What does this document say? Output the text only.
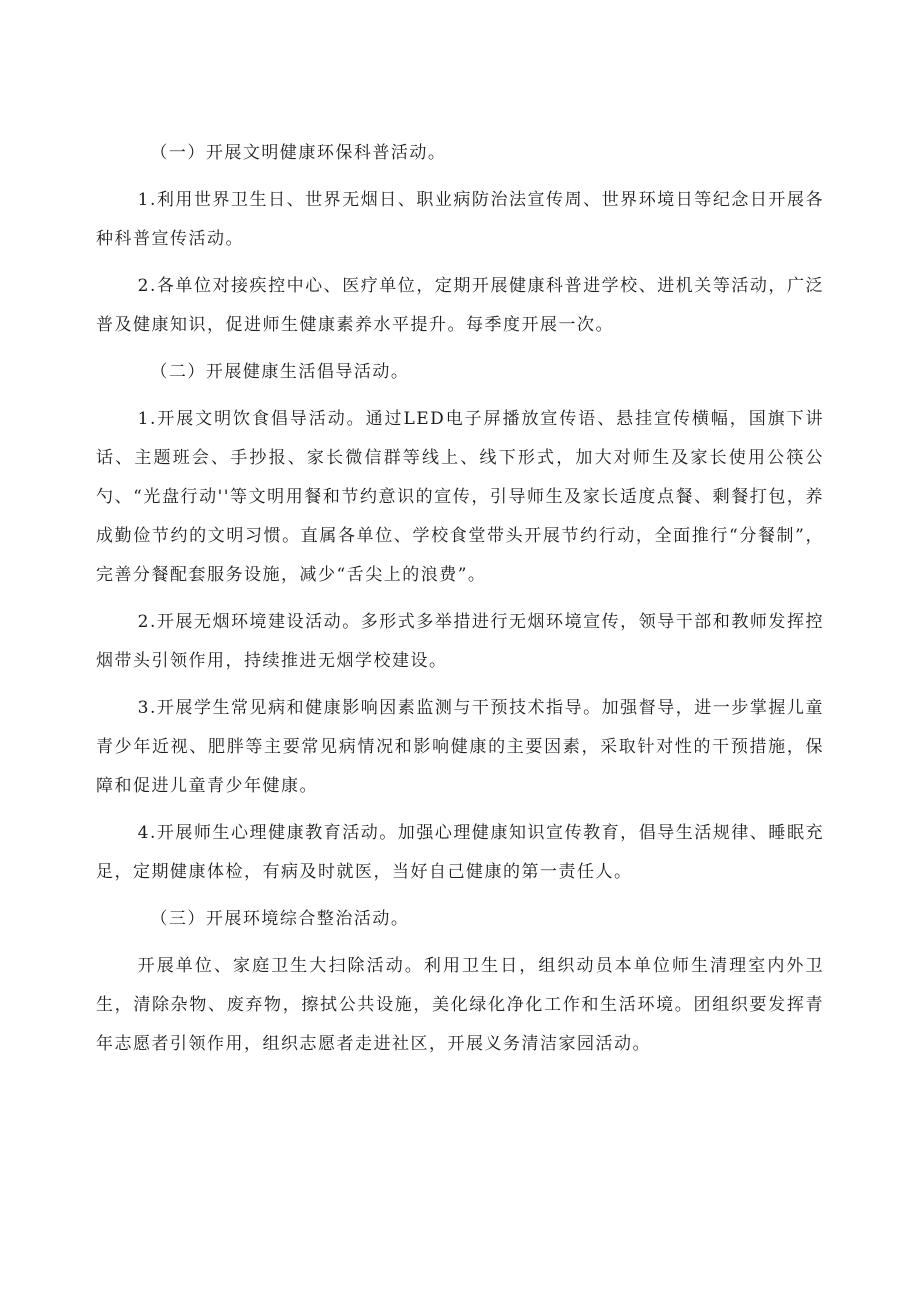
（一）开展文明健康环保科普活动。

1.利用世界卫生日、世界无烟日、职业病防治法宣传周、世界环境日等纪念日开展各种科普宣传活动。

2.各单位对接疾控中心、医疗单位，定期开展健康科普进学校、进机关等活动，广泛普及健康知识，促进师生健康素养水平提升。每季度开展一次。

（二）开展健康生活倡导活动。

1.开展文明饮食倡导活动。通过LED电子屏播放宣传语、悬挂宣传横幅，国旗下讲话、主题班会、手抄报、家长微信群等线上、线下形式，加大对师生及家长使用公筷公勺、“光盘行动''等文明用餐和节约意识的宣传，引导师生及家长适度点餐、剩餐打包，养成勤俭节约的文明习惯。直属各单位、学校食堂带头开展节约行动，全面推行“分餐制”，完善分餐配套服务设施，减少“舌尖上的浪费”。

2.开展无烟环境建设活动。多形式多举措进行无烟环境宣传，领导干部和教师发挥控烟带头引领作用，持续推进无烟学校建设。

3.开展学生常见病和健康影响因素监测与干预技术指导。加强督导，进一步掌握儿童青少年近视、肥胖等主要常见病情况和影响健康的主要因素，采取针对性的干预措施，保障和促进儿童青少年健康。

4.开展师生心理健康教育活动。加强心理健康知识宣传教育，倡导生活规律、睡眠充足，定期健康体检，有病及时就医，当好自己健康的第一责任人。

（三）开展环境综合整治活动。

开展单位、家庭卫生大扫除活动。利用卫生日，组织动员本单位师生清理室内外卫生，清除杂物、废弃物，擦拭公共设施，美化绿化净化工作和生活环境。团组织要发挥青年志愿者引领作用，组织志愿者走进社区，开展义务清洁家园活动。
